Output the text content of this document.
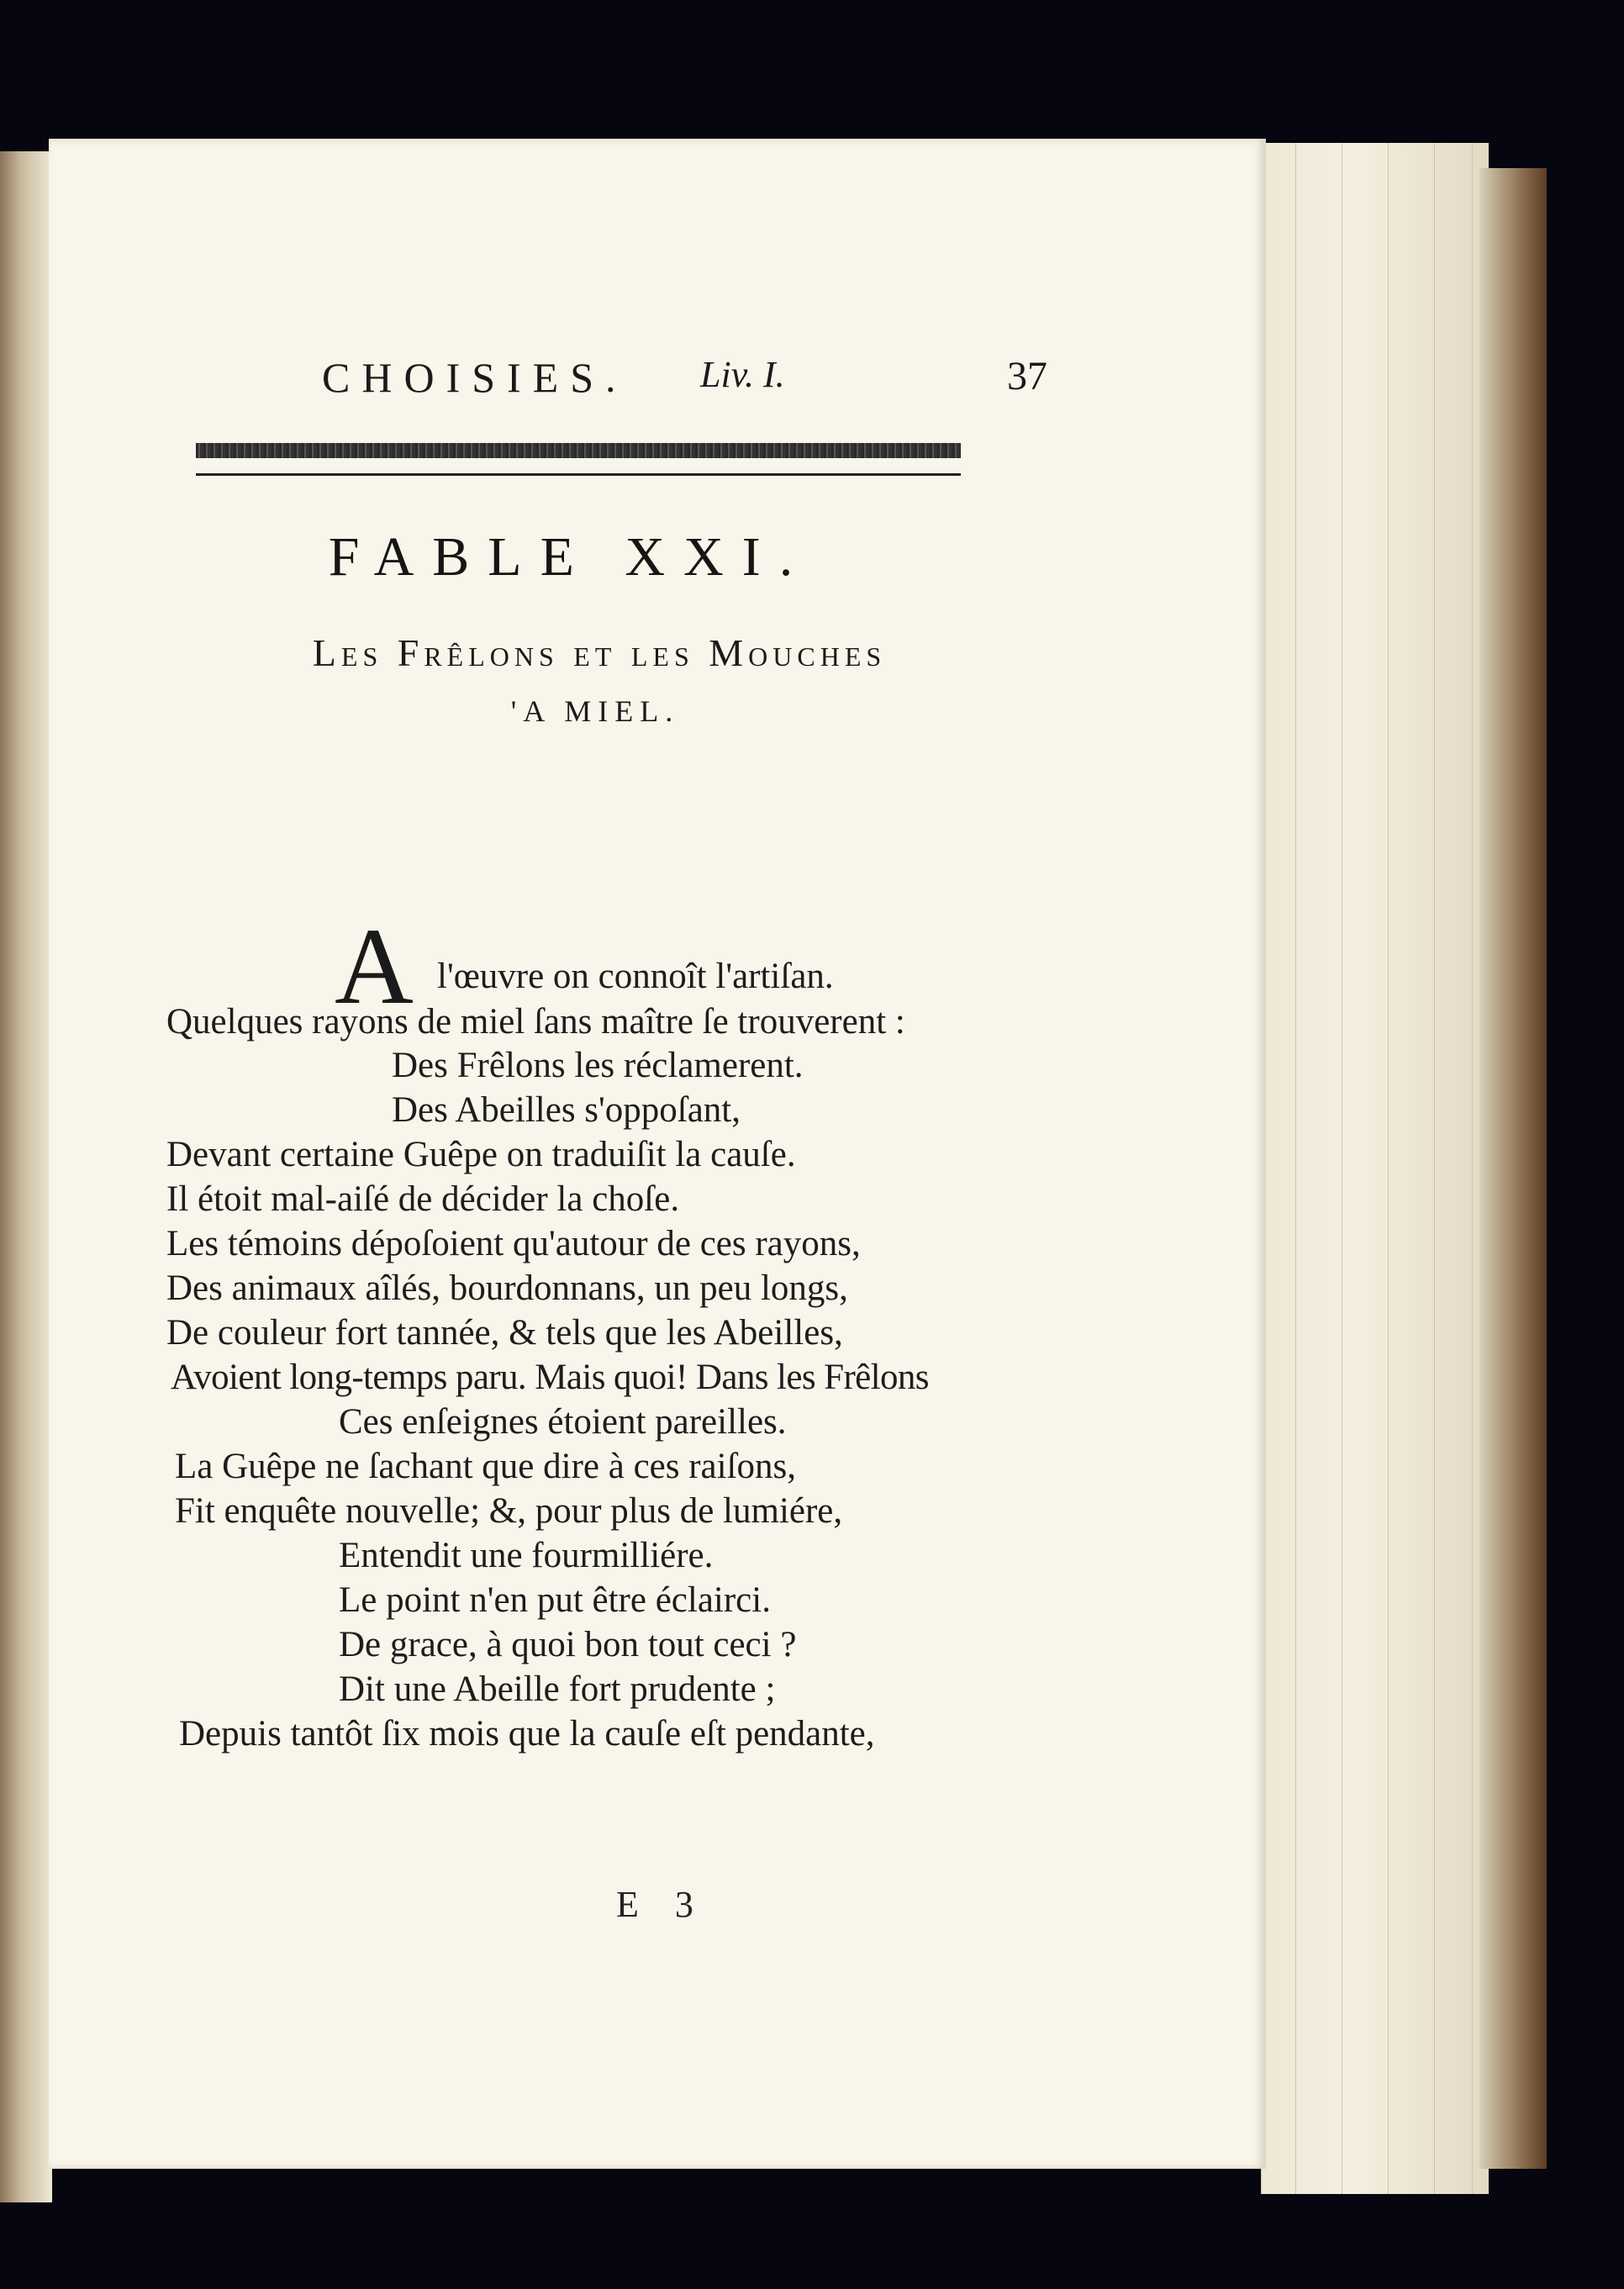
CHOISIES. Liv. I.	37
FABLE XXI.
Les Frêlons et les Mouches
'A MIEL.
A l'œuvre on connoît l'artiſan.
Quelques rayons de miel ſans maître ſe trouverent :
Des Frêlons les réclamerent.
Des Abeilles s'oppoſant,
Devant certaine Guêpe on traduiſit la cauſe.
Il étoit mal-aiſé de décider la choſe.
Les témoins dépoſoient qu'autour de ces rayons,
Des animaux aîlés, bourdonnans, un peu longs,
De couleur fort tannée, & tels que les Abeilles,
Avoient long-temps paru. Mais quoi! Dans les Frêlons
Ces enſeignes étoient pareilles.
La Guêpe ne ſachant que dire à ces raiſons,
Fit enquête nouvelle; &, pour plus de lumiére,
Entendit une fourmilliére.
Le point n'en put être éclairci.
De grace, à quoi bon tout ceci ?
Dit une Abeille fort prudente ;
Depuis tantôt ſix mois que la cauſe eſt pendante,
E 3
